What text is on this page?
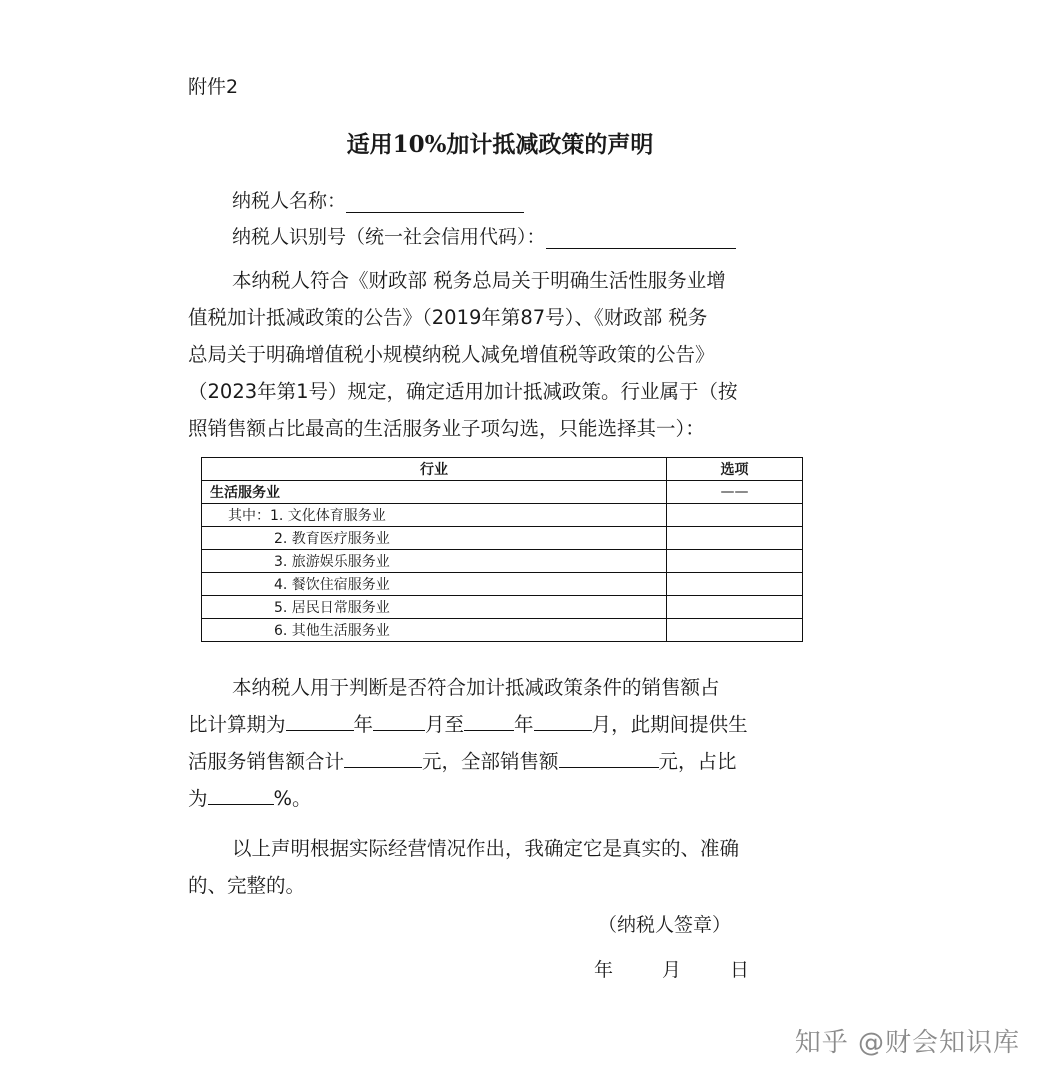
附件2
适用10%加计抵减政策的声明
纳税人名称：
纳税人识别号（统一社会信用代码）：
本纳税人符合《财政部 税务总局关于明确生活性服务业增
值税加计抵减政策的公告》（2019年第87号）、《财政部 税务
总局关于明确增值税小规模纳税人减免增值税等政策的公告》
（2023年第1号）规定，确定适用加计抵减政策。行业属于（按
照销售额占比最高的生活服务业子项勾选，只能选择其一）：
行业	选项
生活服务业	——
其中：1. 文化体育服务业	
2. 教育医疗服务业	
3. 旅游娱乐服务业	
4. 餐饮住宿服务业	
5. 居民日常服务业	
6. 其他生活服务业	
本纳税人用于判断是否符合加计抵减政策条件的销售额占
比计算期为	年	月至	年	月，此期间提供生
活服务销售额合计	元，全部销售额	元，占比
为	%。
以上声明根据实际经营情况作出，我确定它是真实的、准确
的、完整的。
（纳税人签章）
年	月	日
知乎 @财会知识库
